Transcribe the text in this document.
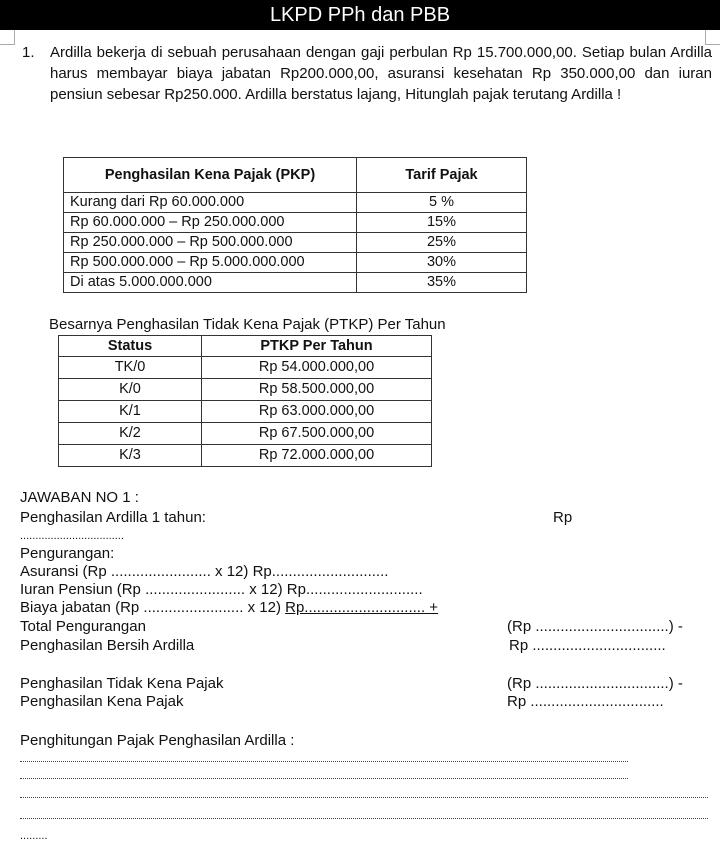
LKPD PPh dan PBB
1. Ardilla bekerja di sebuah perusahaan dengan gaji perbulan Rp 15.700.000,00. Setiap bulan Ardilla harus membayar biaya jabatan Rp200.000,00, asuransi kesehatan Rp 350.000,00 dan iuran pensiun sebesar Rp250.000. Ardilla berstatus lajang, Hitunglah pajak terutang Ardilla !
Penghasilan Kena Pajak (PKP)	Tarif Pajak
Kurang dari Rp 60.000.000	5 %
Rp 60.000.000 – Rp 250.000.000	15%
Rp 250.000.000 – Rp 500.000.000	25%
Rp 500.000.000 – Rp 5.000.000.000	30%
Di atas 5.000.000.000	35%
Besarnya Penghasilan Tidak Kena Pajak (PTKP) Per Tahun
Status	PTKP Per Tahun
TK/0	Rp 54.000.000,00
K/0	Rp 58.500.000,00
K/1	Rp 63.000.000,00
K/2	Rp 67.500.000,00
K/3	Rp 72.000.000,00
JAWABAN NO 1 :
Penghasilan Ardilla 1 tahun:	Rp
..................................
Pengurangan:
Asuransi (Rp ........................ x 12) Rp............................
Iuran Pensiun (Rp ........................ x 12) Rp............................
Biaya jabatan (Rp ........................ x 12) Rp............................. +
Total Pengurangan	(Rp ................................) -
Penghasilan Bersih Ardilla	Rp ................................
Penghasilan Tidak Kena Pajak	(Rp ................................) -
Penghasilan Kena Pajak	Rp ................................
Penghitungan Pajak Penghasilan Ardilla :
.........
